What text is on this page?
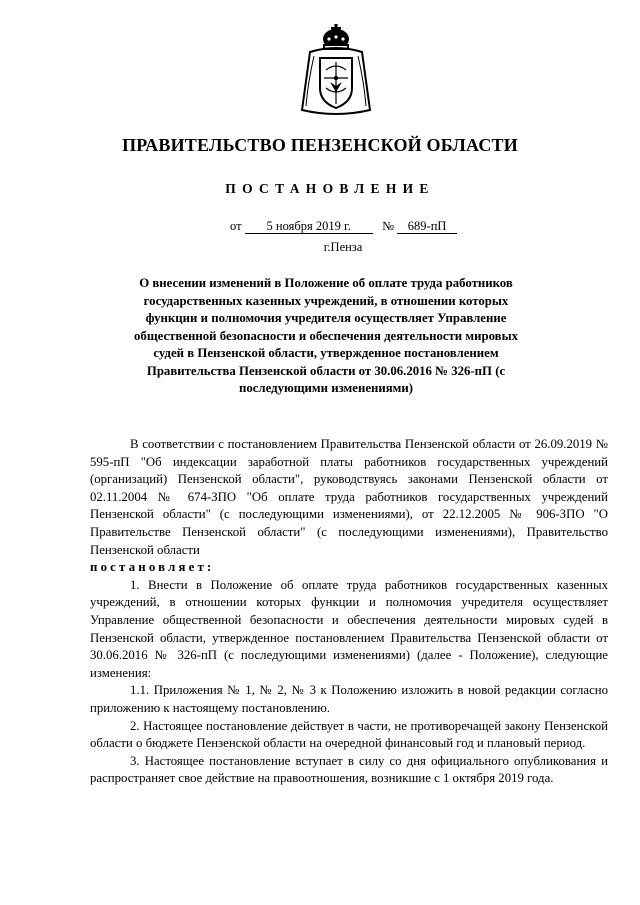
ПРАВИТЕЛЬСТВО ПЕНЗЕНСКОЙ ОБЛАСТИ
ПОСТАНОВЛЕНИЕ
от 5 ноября 2019 г. № 689-пП
г.Пенза
О внесении изменений в Положение об оплате труда работников государственных казенных учреждений, в отношении которых функции и полномочия учредителя осуществляет Управление общественной безопасности и обеспечения деятельности мировых судей в Пензенской области, утвержденное постановлением Правительства Пензенской области от 30.06.2016 № 326-пП (с последующими изменениями)

В соответствии с постановлением Правительства Пензенской области от 26.09.2019 № 595-пП "Об индексации заработной платы работников государственных учреждений (организаций) Пензенской области", руководствуясь законами Пензенской области от 02.11.2004 № 674-ЗПО "Об оплате труда работников государственных учреждений Пензенской области" (с последующими изменениями), от 22.12.2005 № 906-ЗПО "О Правительстве Пензенской области" (с последующими изменениями), Правительство Пензенской области

постановляет:

1. Внести в Положение об оплате труда работников государственных казенных учреждений, в отношении которых функции и полномочия учредителя осуществляет Управление общественной безопасности и обеспечения деятельности мировых судей в Пензенской области, утвержденное постановлением Правительства Пензенской области от 30.06.2016 № 326-пП (с последующими изменениями) (далее - Положение), следующие изменения:

1.1. Приложения № 1, № 2, № 3 к Положению изложить в новой редакции согласно приложению к настоящему постановлению.

2. Настоящее постановление действует в части, не противоречащей закону Пензенской области о бюджете Пензенской области на очередной финансовый год и плановый период.

3. Настоящее постановление вступает в силу со дня официального опубликования и распространяет свое действие на правоотношения, возникшие с 1 октября 2019 года.
